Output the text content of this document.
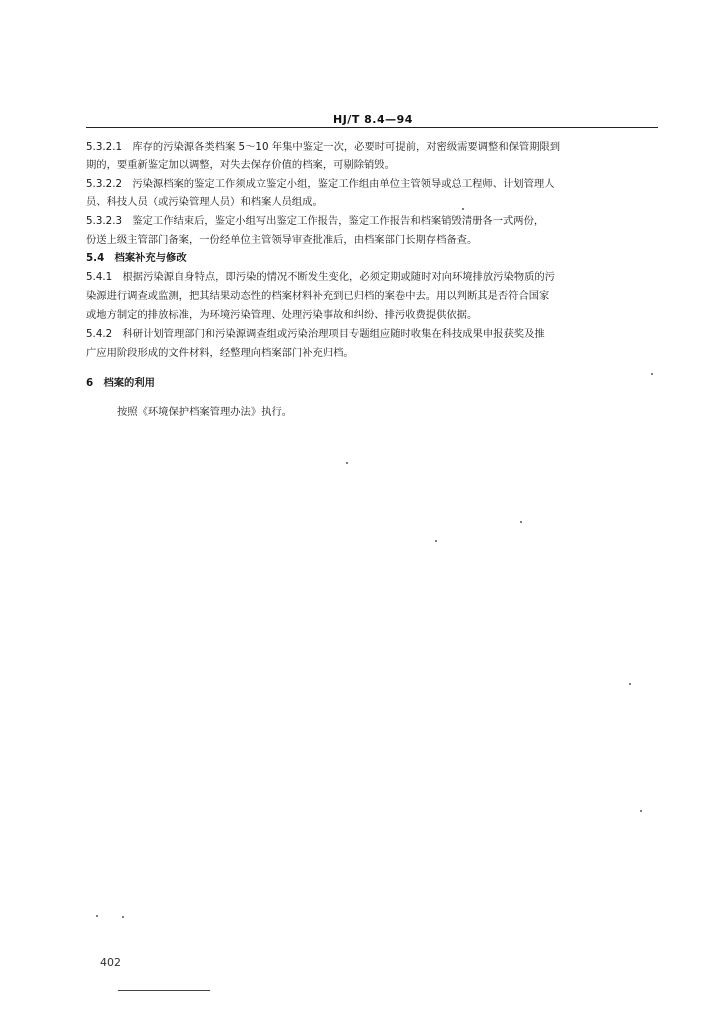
HJ/T 8.4—94
5.3.2.1　库存的污染源各类档案 5～10 年集中鉴定一次，必要时可提前，对密级需要调整和保管期限到
期的，要重新鉴定加以调整，对失去保存价值的档案，可剔除销毁。
5.3.2.2　污染源档案的鉴定工作须成立鉴定小组，鉴定工作组由单位主管领导或总工程师、计划管理人
员、科技人员（或污染管理人员）和档案人员组成。
5.3.2.3　鉴定工作结束后，鉴定小组写出鉴定工作报告，鉴定工作报告和档案销毁清册各一式两份，
份送上级主管部门备案，一份经单位主管领导审查批准后，由档案部门长期存档备查。
5.4　档案补充与修改
5.4.1　根据污染源自身特点，即污染的情况不断发生变化，必须定期或随时对向环境排放污染物质的污
染源进行调查或监测，把其结果动态性的档案材料补充到已归档的案卷中去。用以判断其是否符合国家
或地方制定的排放标准，为环境污染管理、处理污染事故和纠纷、排污收费提供依据。
5.4.2　科研计划管理部门和污染源调查组或污染治理项目专题组应随时收集在科技成果申报获奖及推
广应用阶段形成的文件材料，经整理向档案部门补充归档。
6　档案的利用
按照《环境保护档案管理办法》执行。
402
